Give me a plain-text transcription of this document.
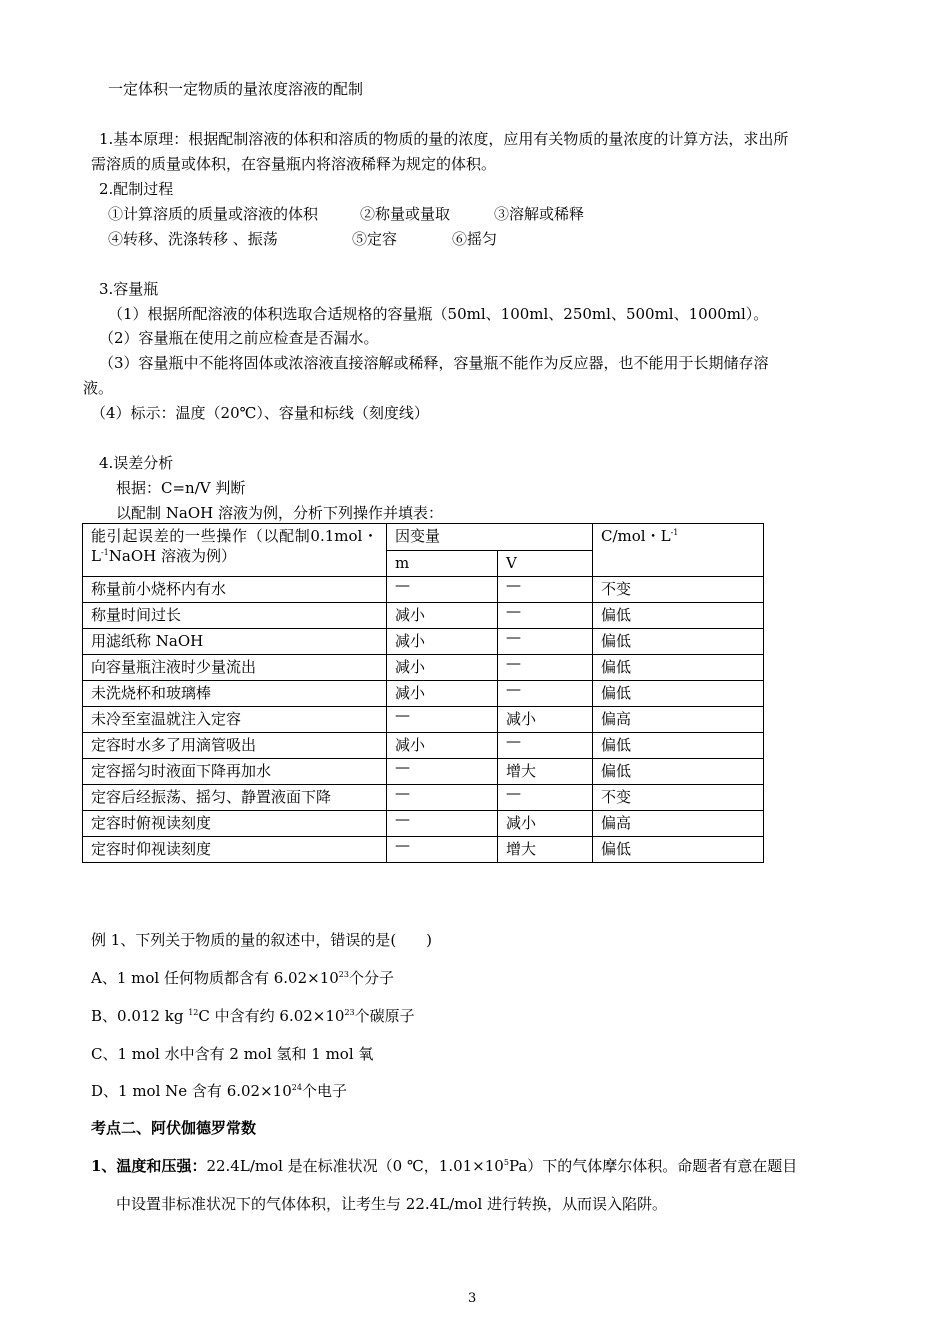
一定体积一定物质的量浓度溶液的配制
1.基本原理：根据配制溶液的体积和溶质的物质的量的浓度，应用有关物质的量浓度的计算方法，求出所
需溶质的质量或体积，在容量瓶内将溶液稀释为规定的体积。
2.配制过程
①计算溶质的质量或溶液的体积	②称量或量取	③溶解或稀释
④转移、洗涤转移 、振荡	⑤定容	⑥摇匀
3.容量瓶
（1）根据所配溶液的体积选取合适规格的容量瓶（50ml、100ml、250ml、500ml、1000ml）。
（2）容量瓶在使用之前应检查是否漏水。
（3）容量瓶中不能将固体或浓溶液直接溶解或稀释，容量瓶不能作为反应器，也不能用于长期储存溶
液。
（4）标示：温度（20℃）、容量和标线（刻度线）
4.误差分析
根据：C=n/V 判断
以配制 NaOH 溶液为例，分析下列操作并填表：
能引起误差的一些操作（以配制0.1mol・$L^{-1}NaOH$ 溶液为例）	因变量		C/mol・$L^{-1}$
	m	V	
称量前小烧杯内有水	—	—	不变
称量时间过长	减小	—	偏低
用滤纸称 NaOH	减小	—	偏低
向容量瓶注液时少量流出	减小	—	偏低
未洗烧杯和玻璃棒	减小	—	偏低
未冷至室温就注入定容	—	减小	偏高
定容时水多了用滴管吸出	减小	—	偏低
定容摇匀时液面下降再加水	—	增大	偏低
定容后经振荡、摇匀、静置液面下降	—	—	不变
定容时俯视读刻度	—	减小	偏高
定容时仰视读刻度	—	增大	偏低
例 1、下列关于物质的量的叙述中，错误的是(　　)
A、1 mol 任何物质都含有 $6.02\times 10^{23}$个分子
B、0.012 kg $^{12}$C 中含有约 $6.02\times 10^{23}$个碳原子
C、1 mol 水中含有 2 mol 氢和 1 mol 氧
D、1 mol Ne 含有 $6.02\times 10^{24}$个电子
考点二、阿伏伽德罗常数
1、温度和压强：22.4L/mol 是在标准状况（0 ℃，$1.01\times 10^5Pa$）下的气体摩尔体积。命题者有意在题目
中设置非标准状况下的气体体积，让考生与 22.4L/mol 进行转换，从而误入陷阱。
3
